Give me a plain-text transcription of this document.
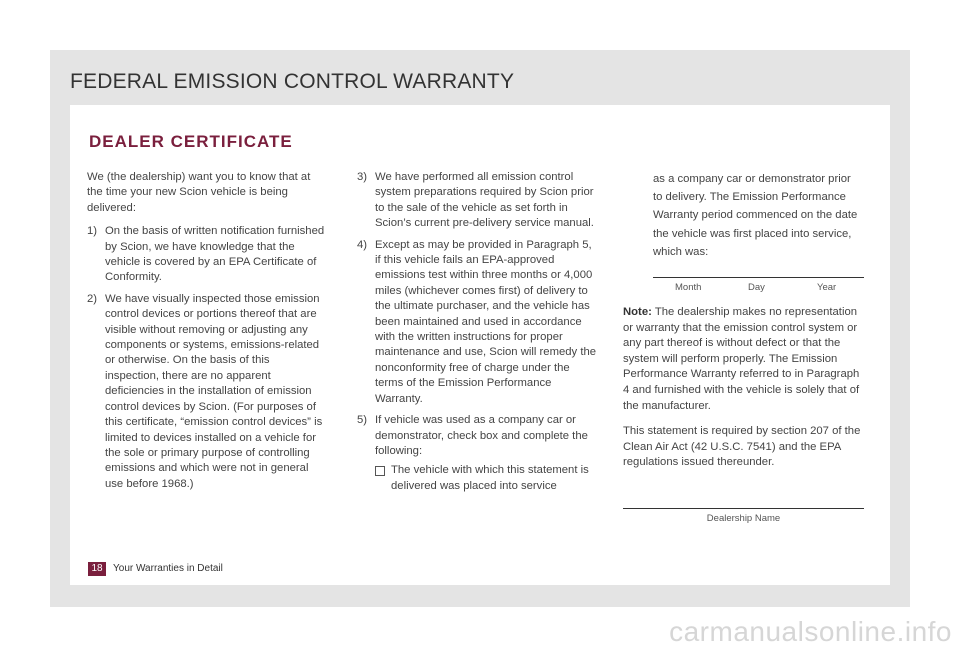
FEDERAL EMISSION CONTROL WARRANTY
DEALER CERTIFICATE

We (the dealership) want you to know that at the time your new Scion vehicle is being delivered:

1) On the basis of written notification furnished by Scion, we have knowledge that the vehicle is covered by an EPA Certificate of Conformity.
2) We have visually inspected those emission control devices or portions thereof that are visible without removing or adjusting any components or systems, emissions-related or otherwise. On the basis of this inspection, there are no apparent deficiencies in the installation of emission control devices by Scion. (For purposes of this certificate, “emission control devices” is limited to devices installed on a vehicle for the sole or primary purpose of controlling emissions and which were not in general use before 1968.)
3) We have performed all emission control system preparations required by Scion prior to the sale of the vehicle as set forth in Scion’s current pre-delivery service manual.
4) Except as may be provided in Paragraph 5, if this vehicle fails an EPA-approved emissions test within three months or 4,000 miles (whichever comes first) of delivery to the ultimate purchaser, and the vehicle has been maintained and used in accordance with the written instructions for proper maintenance and use, Scion will remedy the nonconformity free of charge under the terms of the Emission Performance Warranty.
5) If vehicle was used as a company car or demonstrator, check box and complete the following:
The vehicle with which this statement is delivered was placed into service
as a company car or demonstrator prior to delivery. The Emission Performance Warranty period commenced on the date the vehicle was first placed into service, which was:
Month	Day	Year

Note: The dealership makes no representation or warranty that the emission control system or any part thereof is without defect or that the system will perform properly. The Emission Performance Warranty referred to in Paragraph 4 and furnished with the vehicle is solely that of the manufacturer.

This statement is required by section 207 of the Clean Air Act (42 U.S.C. 7541) and the EPA regulations issued thereunder.

Dealership Name
18	Your Warranties in Detail
carmanualsonline.info
